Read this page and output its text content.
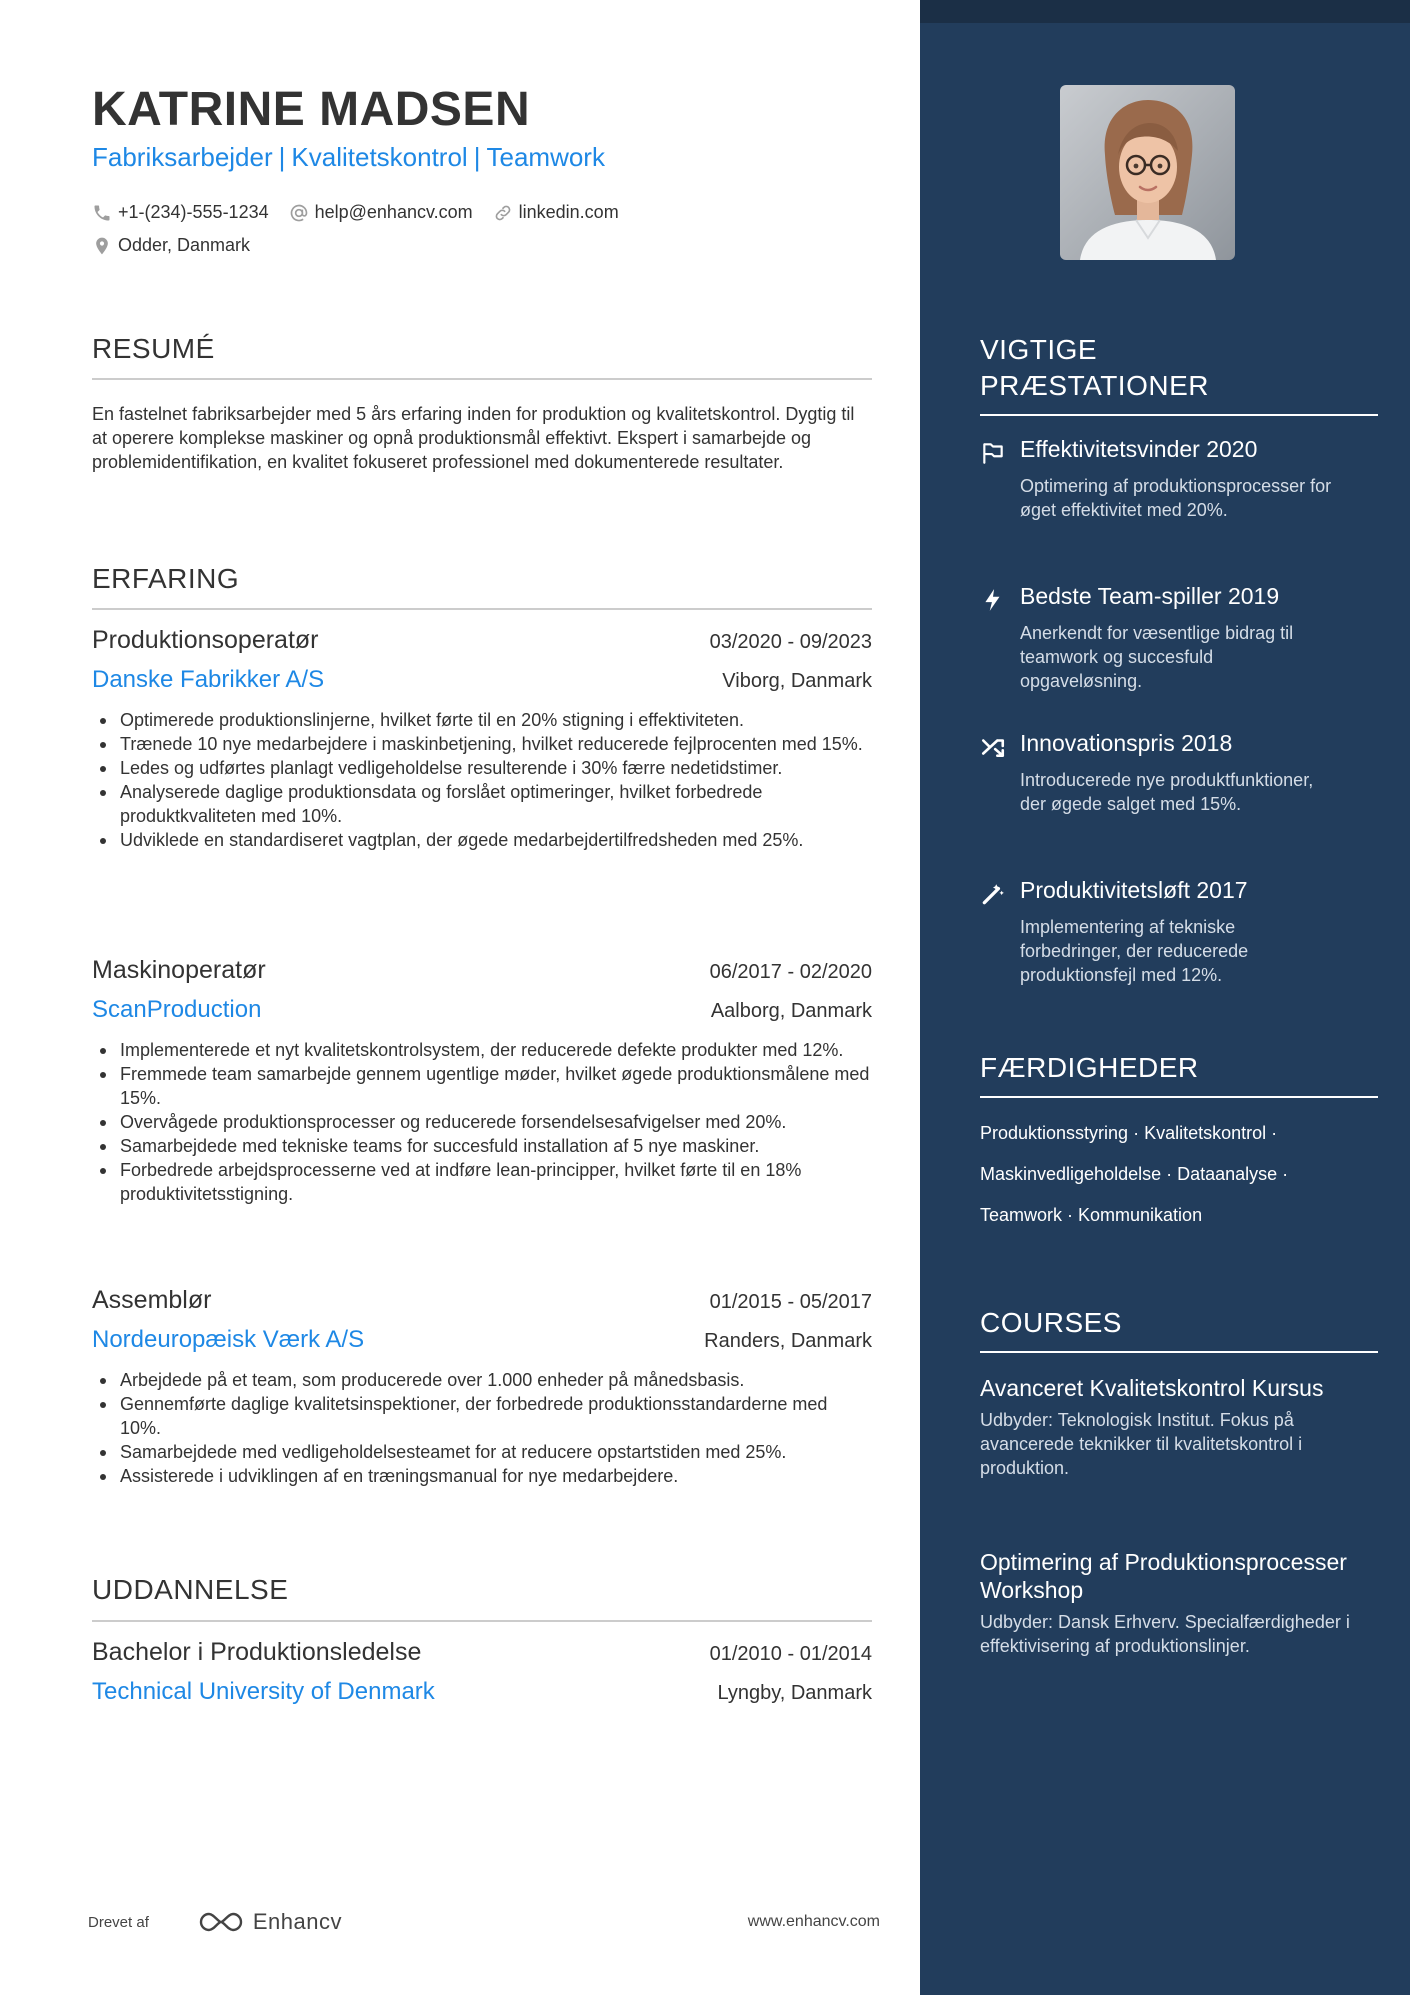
KATRINE MADSEN
Fabriksarbejder | Kvalitetskontrol | Teamwork
+1-(234)-555-1234	help@enhancv.com	linkedin.com
Odder, Danmark
RESUMÉ
En fastelnet fabriksarbejder med 5 års erfaring inden for produktion og kvalitetskontrol. Dygtig til at operere komplekse maskiner og opnå produktionsmål effektivt. Ekspert i samarbejde og problemidentifikation, en kvalitet fokuseret professionel med dokumenterede resultater.
ERFARING
Produktionsoperatør	03/2020 - 09/2023
Danske Fabrikker A/S	Viborg, Danmark
Optimerede produktionslinjerne, hvilket førte til en 20% stigning i effektiviteten.
Trænede 10 nye medarbejdere i maskinbetjening, hvilket reducerede fejlprocenten med 15%.
Ledes og udførtes planlagt vedligeholdelse resulterende i 30% færre nedetidstimer.
Analyserede daglige produktionsdata og forslået optimeringer, hvilket forbedrede produktkvaliteten med 10%.
Udviklede en standardiseret vagtplan, der øgede medarbejdertilfredsheden med 25%.
Maskinoperatør	06/2017 - 02/2020
ScanProduction	Aalborg, Danmark
Implementerede et nyt kvalitetskontrolsystem, der reducerede defekte produkter med 12%.
Fremmede team samarbejde gennem ugentlige møder, hvilket øgede produktionsmålene med 15%.
Overvågede produktionsprocesser og reducerede forsendelsesafvigelser med 20%.
Samarbejdede med tekniske teams for succesfuld installation af 5 nye maskiner.
Forbedrede arbejdsprocesserne ved at indføre lean-principper, hvilket førte til en 18% produktivitetsstigning.
Assemblør	01/2015 - 05/2017
Nordeuropæisk Værk A/S	Randers, Danmark
Arbejdede på et team, som producerede over 1.000 enheder på månedsbasis.
Gennemførte daglige kvalitetsinspektioner, der forbedrede produktionsstandarderne med 10%.
Samarbejdede med vedligeholdelsesteamet for at reducere opstartstiden med 25%.
Assisterede i udviklingen af en træningsmanual for nye medarbejdere.
UDDANNELSE
Bachelor i Produktionsledelse	01/2010 - 01/2014
Technical University of Denmark	Lyngby, Danmark
Drevet af	Enhancv	www.enhancv.com
VIGTIGE
PRÆSTATIONER
Effektivitetsvinder 2020
Optimering af produktionsprocesser for øget effektivitet med 20%.
Bedste Team-spiller 2019
Anerkendt for væsentlige bidrag til teamwork og succesfuld opgaveløsning.
Innovationspris 2018
Introducerede nye produktfunktioner, der øgede salget med 15%.
Produktivitetsløft 2017
Implementering af tekniske forbedringer, der reducerede produktionsfejl med 12%.
FÆRDIGHEDER
Produktionsstyring · Kvalitetskontrol ·
Maskinvedligeholdelse · Dataanalyse ·
Teamwork · Kommunikation
COURSES
Avanceret Kvalitetskontrol Kursus
Udbyder: Teknologisk Institut. Fokus på avancerede teknikker til kvalitetskontrol i produktion.
Optimering af Produktionsprocesser Workshop
Udbyder: Dansk Erhverv. Specialfærdigheder i effektivisering af produktionslinjer.
